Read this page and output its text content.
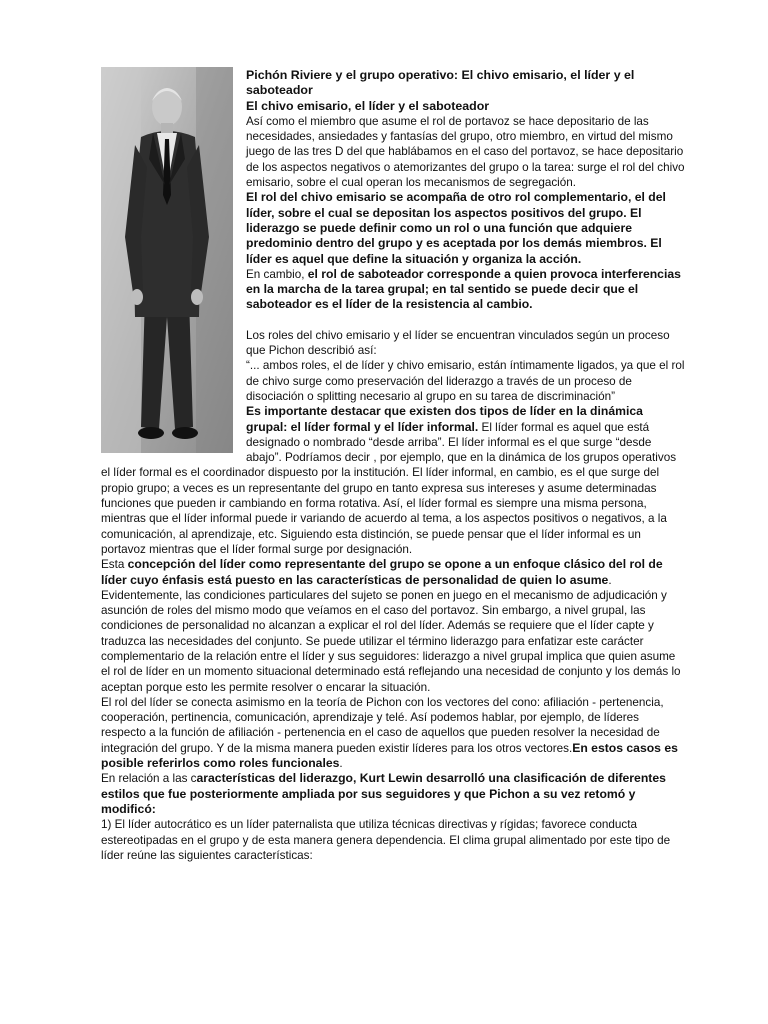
Pichón Riviere y el grupo operativo: El chivo emisario, el líder y el saboteador

El chivo emisario, el líder y el saboteador

Así como el miembro que asume el rol de portavoz se hace depositario de las necesidades, ansiedades y fantasías del grupo, otro miembro, en virtud del mismo juego de las tres D del que hablábamos en el caso del portavoz, se hace depositario de los aspectos negativos o atemorizantes del grupo o la tarea: surge el rol del chivo emisario, sobre el cual operan los mecanismos de segregación.

El rol del chivo emisario se acompaña de otro rol complementario, el del líder, sobre el cual se depositan los aspectos positivos del grupo. El liderazgo se puede definir como un rol o una función que adquiere predominio dentro del grupo y es aceptada por los demás miembros. El líder es aquel que define la situación y organiza la acción.

En cambio, el rol de saboteador corresponde a quien provoca interferencias en la marcha de la tarea grupal; en tal sentido se puede decir que el saboteador es el líder de la resistencia al cambio.

Los roles del chivo emisario y el líder se encuentran vinculados según un proceso que Pichon describió así:

“... ambos roles, el de líder y chivo emisario, están íntimamente ligados, ya que el rol de chivo surge como preservación del liderazgo a través de un proceso de disociación o splitting necesario al grupo en su tarea de discriminación”

Es importante destacar que existen dos tipos de líder en la dinámica grupal: el líder formal y el líder informal. El líder formal es aquel que está designado o nombrado “desde arriba”. El líder informal es el que surge “desde abajo”. Podríamos decir , por ejemplo, que en la dinámica de los grupos operativos el líder formal es el coordinador dispuesto por la institución. El líder informal, en cambio, es el que surge del propio grupo; a veces es un representante del grupo en tanto expresa sus intereses y asume determinadas funciones que pueden ir cambiando en forma rotativa. Así, el líder formal es siempre una misma persona, mientras que el líder informal puede ir variando de acuerdo al tema, a los aspectos positivos o negativos, a la comunicación, al aprendizaje, etc. Siguiendo esta distinción, se puede pensar que el líder informal es un portavoz mientras que el líder formal surge por designación.

Esta concepción del líder como representante del grupo se opone a un enfoque clásico del rol de líder cuyo énfasis está puesto en las características de personalidad de quien lo asume.

Evidentemente, las condiciones particulares del sujeto se ponen en juego en el mecanismo de adjudicación y asunción de roles del mismo modo que veíamos en el caso del portavoz. Sin embargo, a nivel grupal, las condiciones de personalidad no alcanzan a explicar el rol del líder. Además se requiere que el líder capte y traduzca las necesidades del conjunto. Se puede utilizar el término liderazgo para enfatizar este carácter complementario de la relación entre el líder y sus seguidores: liderazgo a nivel grupal implica que quien asume el rol de líder en un momento situacional determinado está reflejando una necesidad de conjunto y los demás lo aceptan porque esto les permite resolver o encarar la situación.

El rol del líder se conecta asimismo en la teoría de Pichon con los vectores del cono: afiliación - pertenencia, cooperación, pertinencia, comunicación, aprendizaje y telé. Así podemos hablar, por ejemplo, de líderes respecto a la función de afiliación - pertenencia en el caso de aquellos que pueden resolver la necesidad de integración del grupo. Y de la misma manera pueden existir líderes para los otros vectores.En estos casos es posible referirlos como roles funcionales.

En relación a las características del liderazgo, Kurt Lewin desarrolló una clasificación de diferentes estilos que fue posteriormente ampliada por sus seguidores y que Pichon a su vez retomó y modificó:

1) El líder autocrático es un líder paternalista que utiliza técnicas directivas y rígidas; favorece conducta estereotipadas en el grupo y de esta manera genera dependencia. El clima grupal alimentado por este tipo de líder reúne las siguientes características:
